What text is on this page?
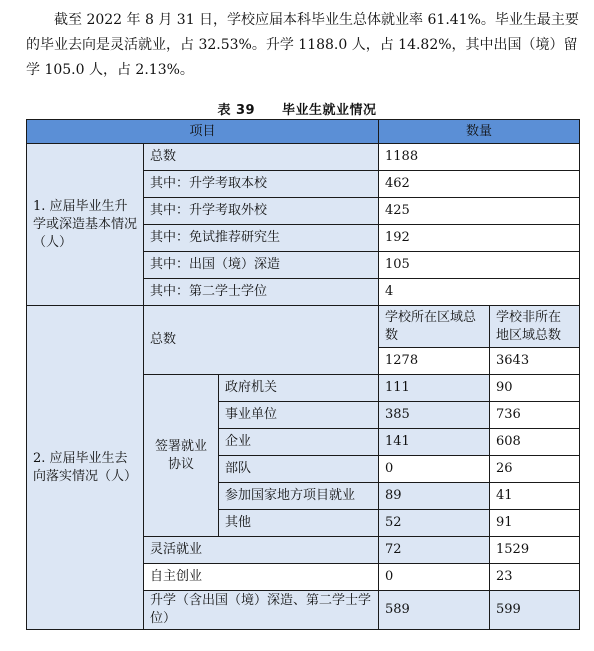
截至 2022 年 8 月 31 日，学校应届本科毕业生总体就业率 61.41%。毕业生最主要的毕业去向是灵活就业，占 32.53%。升学 1188.0 人，占 14.82%，其中出国（境）留学 105.0 人，占 2.13%。

表 39　　毕业生就业情况
项目			数量	
1. 应届毕业生升学或深造基本情况（人）	总数		1188	
	其中：升学考取本校		462	
	其中：升学考取外校		425	
	其中：免试推荐研究生		192	
	其中：出国（境）深造		105	
	其中：第二学士学位		4	
2. 应届毕业生去向落实情况（人）	总数		学校所在区域总数	学校非所在地区域总数
			1278	3643
	签署就业协议	政府机关	111	90
		事业单位	385	736
		企业	141	608
		部队	0	26
		参加国家地方项目就业	89	41
		其他	52	91
	灵活就业		72	1529
	自主创业		0	23
	升学（含出国（境）深造、第二学士学位）		589	599
